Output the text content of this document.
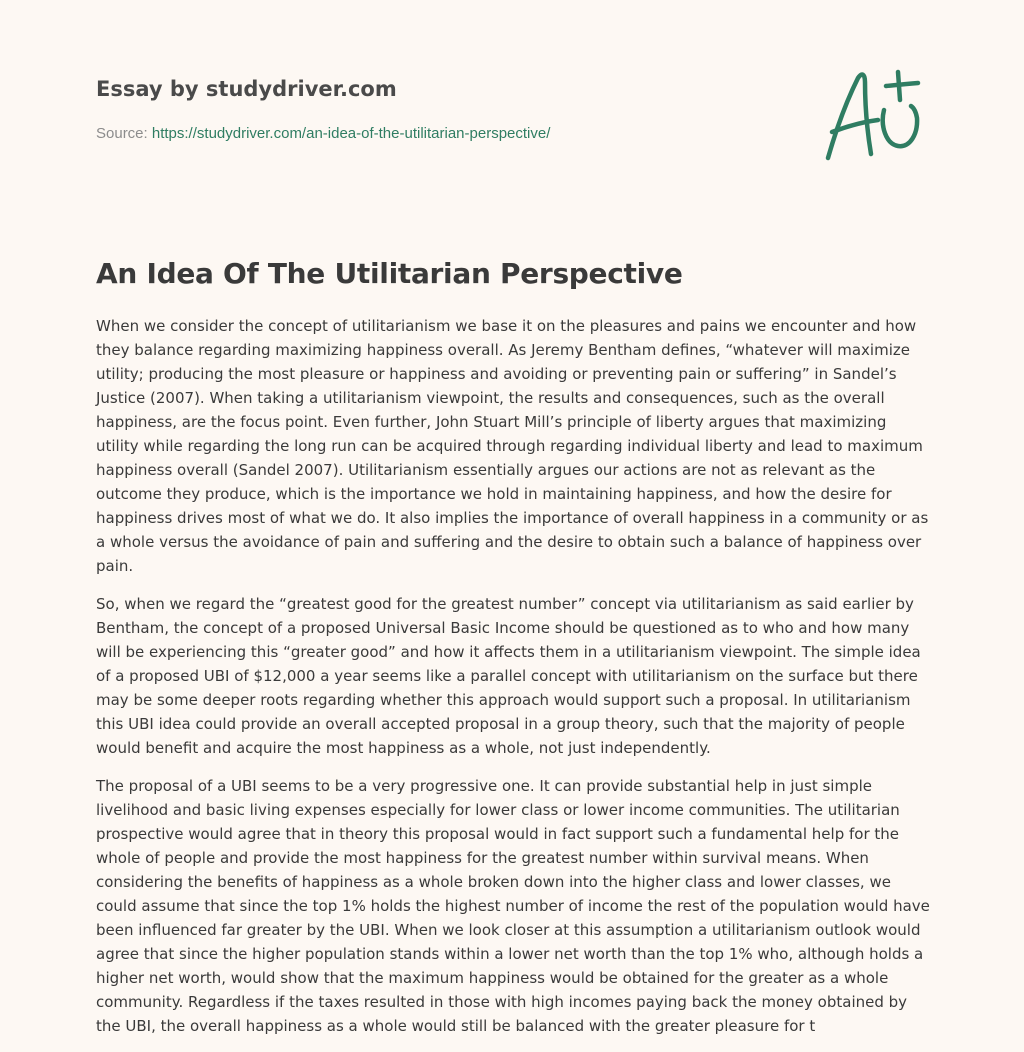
Essay by studydriver.com
Source: https://studydriver.com/an-idea-of-the-utilitarian-perspective/
An Idea Of The Utilitarian Perspective

When we consider the concept of utilitarianism we base it on the pleasures and pains we encounter and how they balance regarding maximizing happiness overall. As Jeremy Bentham defines, “whatever will maximize utility; producing the most pleasure or happiness and avoiding or preventing pain or suffering” in Sandel’s Justice (2007). When taking a utilitarianism viewpoint, the results and consequences, such as the overall happiness, are the focus point. Even further, John Stuart Mill’s principle of liberty argues that maximizing utility while regarding the long run can be acquired through regarding individual liberty and lead to maximum happiness overall (Sandel 2007). Utilitarianism essentially argues our actions are not as relevant as the outcome they produce, which is the importance we hold in maintaining happiness, and how the desire for happiness drives most of what we do. It also implies the importance of overall happiness in a community or as a whole versus the avoidance of pain and suffering and the desire to obtain such a balance of happiness over pain.

So, when we regard the “greatest good for the greatest number” concept via utilitarianism as said earlier by Bentham, the concept of a proposed Universal Basic Income should be questioned as to who and how many will be experiencing this “greater good” and how it affects them in a utilitarianism viewpoint. The simple idea of a proposed UBI of $12,000 a year seems like a parallel concept with utilitarianism on the surface but there may be some deeper roots regarding whether this approach would support such a proposal. In utilitarianism this UBI idea could provide an overall accepted proposal in a group theory, such that the majority of people would benefit and acquire the most happiness as a whole, not just independently.

The proposal of a UBI seems to be a very progressive one. It can provide substantial help in just simple livelihood and basic living expenses especially for lower class or lower income communities. The utilitarian prospective would agree that in theory this proposal would in fact support such a fundamental help for the whole of people and provide the most happiness for the greatest number within survival means. When considering the benefits of happiness as a whole broken down into the higher class and lower classes, we could assume that since the top 1% holds the highest number of income the rest of the population would have been influenced far greater by the UBI. When we look closer at this assumption a utilitarianism outlook would agree that since the higher population stands within a lower net worth than the top 1% who, although holds a higher net worth, would show that the maximum happiness would be obtained for the greater as a whole community. Regardless if the taxes resulted in those with high incomes paying back the money obtained by the UBI, the overall happiness as a whole would still be balanced with the greater pleasure for t
